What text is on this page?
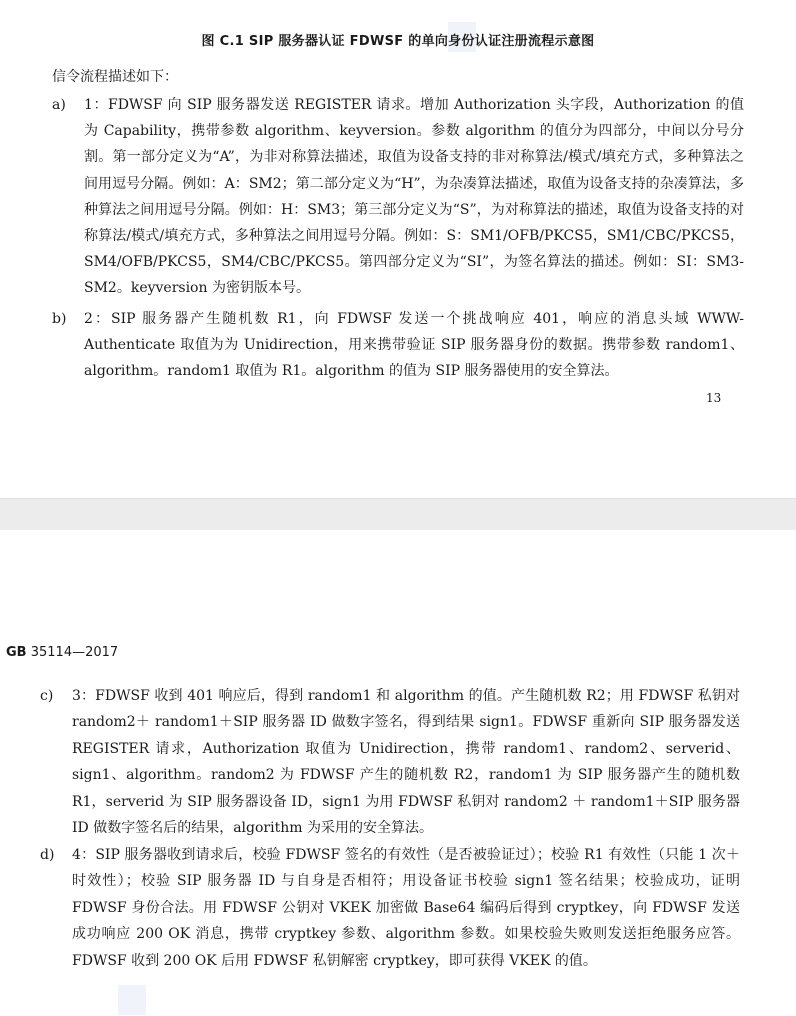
图 C.1 SIP 服务器认证 FDWSF 的单向身份认证注册流程示意图
信令流程描述如下：
a) 1：FDWSF 向 SIP 服务器发送 REGISTER 请求。增加 Authorization 头字段，Authorization 的值为 Capability，携带参数 algorithm、keyversion。参数 algorithm 的值分为四部分，中间以分号分割。第一部分定义为“A”，为非对称算法描述，取值为设备支持的非对称算法/模式/填充方式，多种算法之间用逗号分隔。例如：A：SM2；第二部分定义为“H”，为杂凑算法描述，取值为设备支持的杂凑算法，多种算法之间用逗号分隔。例如：H：SM3；第三部分定义为“S”，为对称算法的描述，取值为设备支持的对称算法/模式/填充方式，多种算法之间用逗号分隔。例如：S：SM1/OFB/PKCS5，SM1/CBC/PKCS5，SM4/OFB/PKCS5，SM4/CBC/PKCS5。第四部分定义为“SI”，为签名算法的描述。例如：SI：SM3-SM2。keyversion 为密钥版本号。
b) 2：SIP 服务器产生随机数 R1，向 FDWSF 发送一个挑战响应 401，响应的消息头域 WWW-Authenticate 取值为为 Unidirection，用来携带验证 SIP 服务器身份的数据。携带参数 random1、algorithm。random1 取值为 R1。algorithm 的值为 SIP 服务器使用的安全算法。
13
GB 35114—2017
c) 3：FDWSF 收到 401 响应后，得到 random1 和 algorithm 的值。产生随机数 R2；用 FDWSF 私钥对 random2＋ random1＋SIP 服务器 ID 做数字签名，得到结果 sign1。FDWSF 重新向 SIP 服务器发送 REGISTER 请求，Authorization 取值为 Unidirection，携带 random1、random2、serverid、sign1、algorithm。random2 为 FDWSF 产生的随机数 R2，random1 为 SIP 服务器产生的随机数 R1，serverid 为 SIP 服务器设备 ID，sign1 为用 FDWSF 私钥对 random2 ＋ random1＋SIP 服务器 ID 做数字签名后的结果，algorithm 为采用的安全算法。
d) 4：SIP 服务器收到请求后，校验 FDWSF 签名的有效性（是否被验证过）；校验 R1 有效性（只能 1 次＋时效性）；校验 SIP 服务器 ID 与自身是否相符；用设备证书校验 sign1 签名结果；校验成功，证明 FDWSF 身份合法。用 FDWSF 公钥对 VKEK 加密做 Base64 编码后得到 cryptkey，向 FDWSF 发送成功响应 200 OK 消息，携带 cryptkey 参数、algorithm 参数。如果校验失败则发送拒绝服务应答。FDWSF 收到 200 OK 后用 FDWSF 私钥解密 cryptkey，即可获得 VKEK 的值。
